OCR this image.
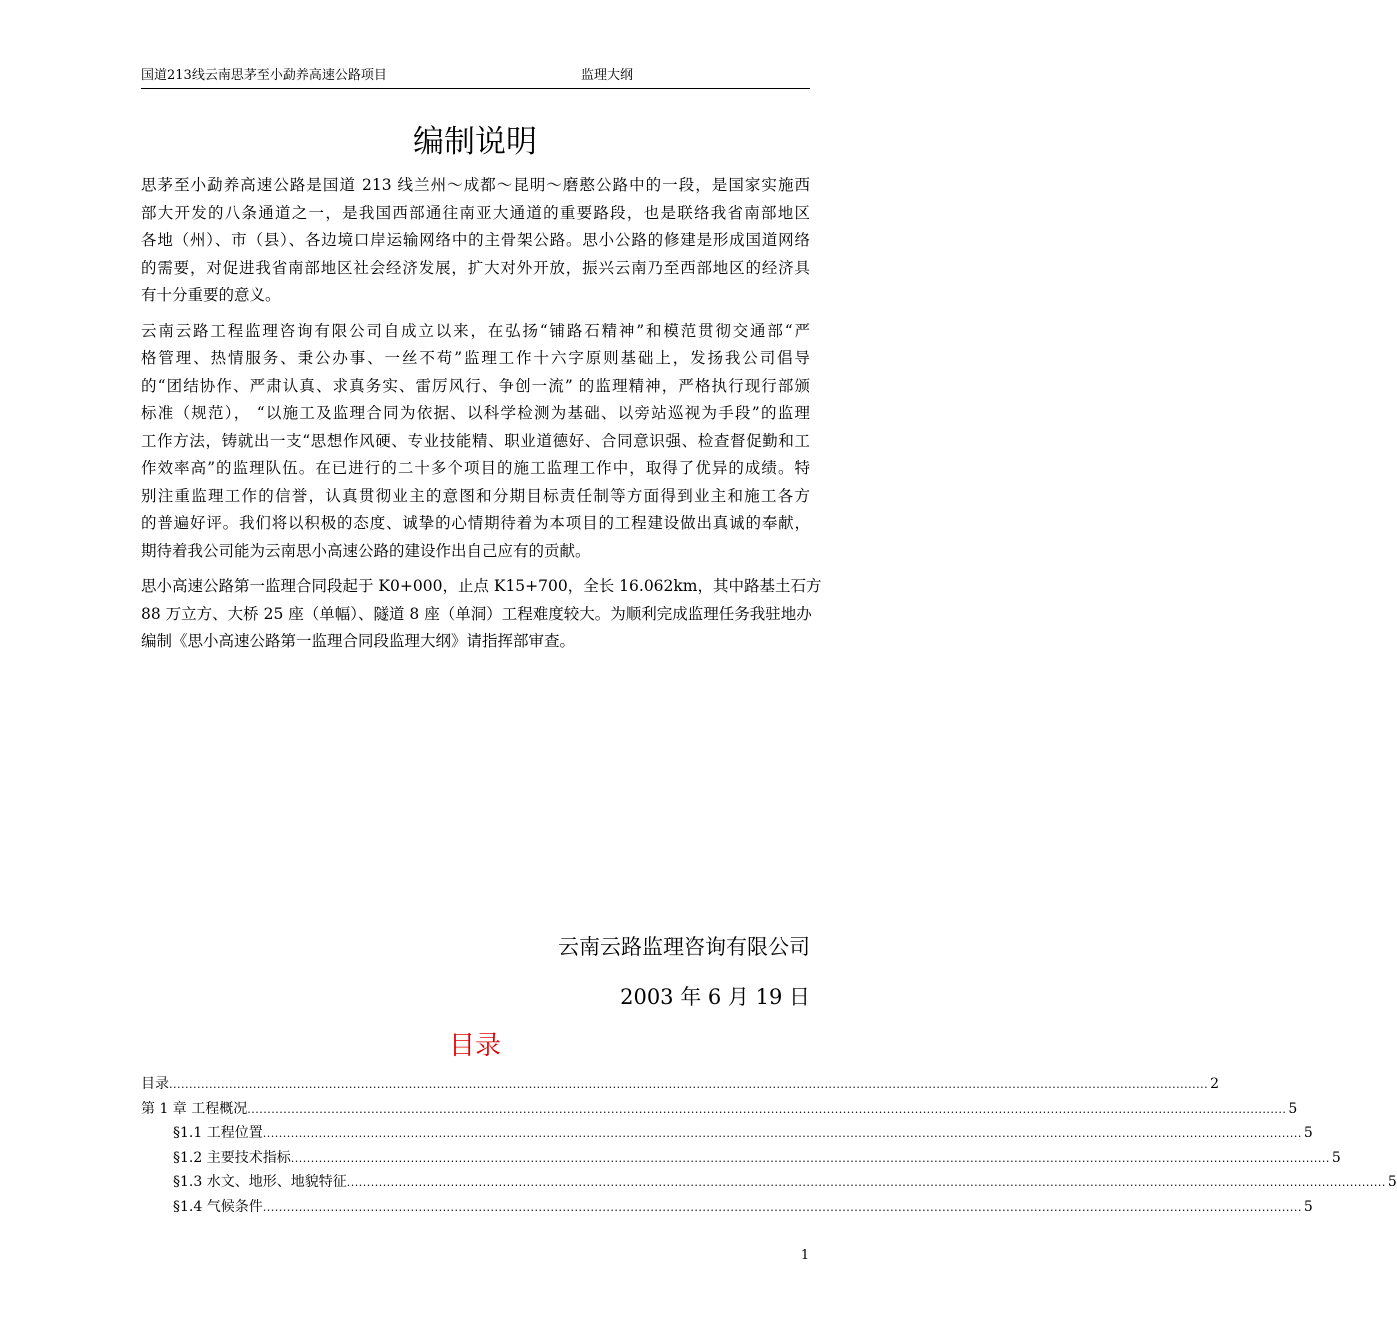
国道213线云南思茅至小勐养高速公路项目	监理大纲
编制说明

思茅至小勐养高速公路是国道 213 线兰州～成都～昆明～磨憨公路中的一段，是国家实施西
部大开发的八条通道之一，是我国西部通往南亚大通道的重要路段，也是联络我省南部地区
各地（州）、市（县）、各边境口岸运输网络中的主骨架公路。思小公路的修建是形成国道网络
的需要，对促进我省南部地区社会经济发展，扩大对外开放，振兴云南乃至西部地区的经济具
有十分重要的意义。

云南云路工程监理咨询有限公司自成立以来，在弘扬“铺路石精神”和模范贯彻交通部“严
格管理、热情服务、秉公办事、一丝不苟”监理工作十六字原则基础上，发扬我公司倡导
的“团结协作、严肃认真、求真务实、雷厉风行、争创一流” 的监理精神，严格执行现行部颁
标准（规范）， “以施工及监理合同为依据、以科学检测为基础、以旁站巡视为手段”的监理
工作方法，铸就出一支“思想作风硬、专业技能精、职业道德好、合同意识强、检查督促勤和工
作效率高”的监理队伍。在已进行的二十多个项目的施工监理工作中，取得了优异的成绩。特
别注重监理工作的信誉，认真贯彻业主的意图和分期目标责任制等方面得到业主和施工各方
的普遍好评。我们将以积极的态度、诚挚的心情期待着为本项目的工程建设做出真诚的奉献，
期待着我公司能为云南思小高速公路的建设作出自己应有的贡献。

思小高速公路第一监理合同段起于 K0+000，止点 K15+700，全长 16.062km，其中路基土石方
88 万立方、大桥 25 座（单幅）、隧道 8 座（单洞）工程难度较大。为顺利完成监理任务我驻地办
编制《思小高速公路第一监理合同段监理大纲》请指挥部审查。

云南云路监理咨询有限公司
2003 年 6 月 19 日
目录
目录 .................................................................................................................................................................................................................................................................... 2
第 1 章 工程概况 .................................................................................................................................................................................................................................................................... 5
§1.1 工程位置 .................................................................................................................................................................................................................................................................... 5
§1.2 主要技术指标 .................................................................................................................................................................................................................................................................... 5
§1.3 水文、地形、地貌特征 .................................................................................................................................................................................................................................................................... 5
§1.4 气候条件 .................................................................................................................................................................................................................................................................... 5
1
